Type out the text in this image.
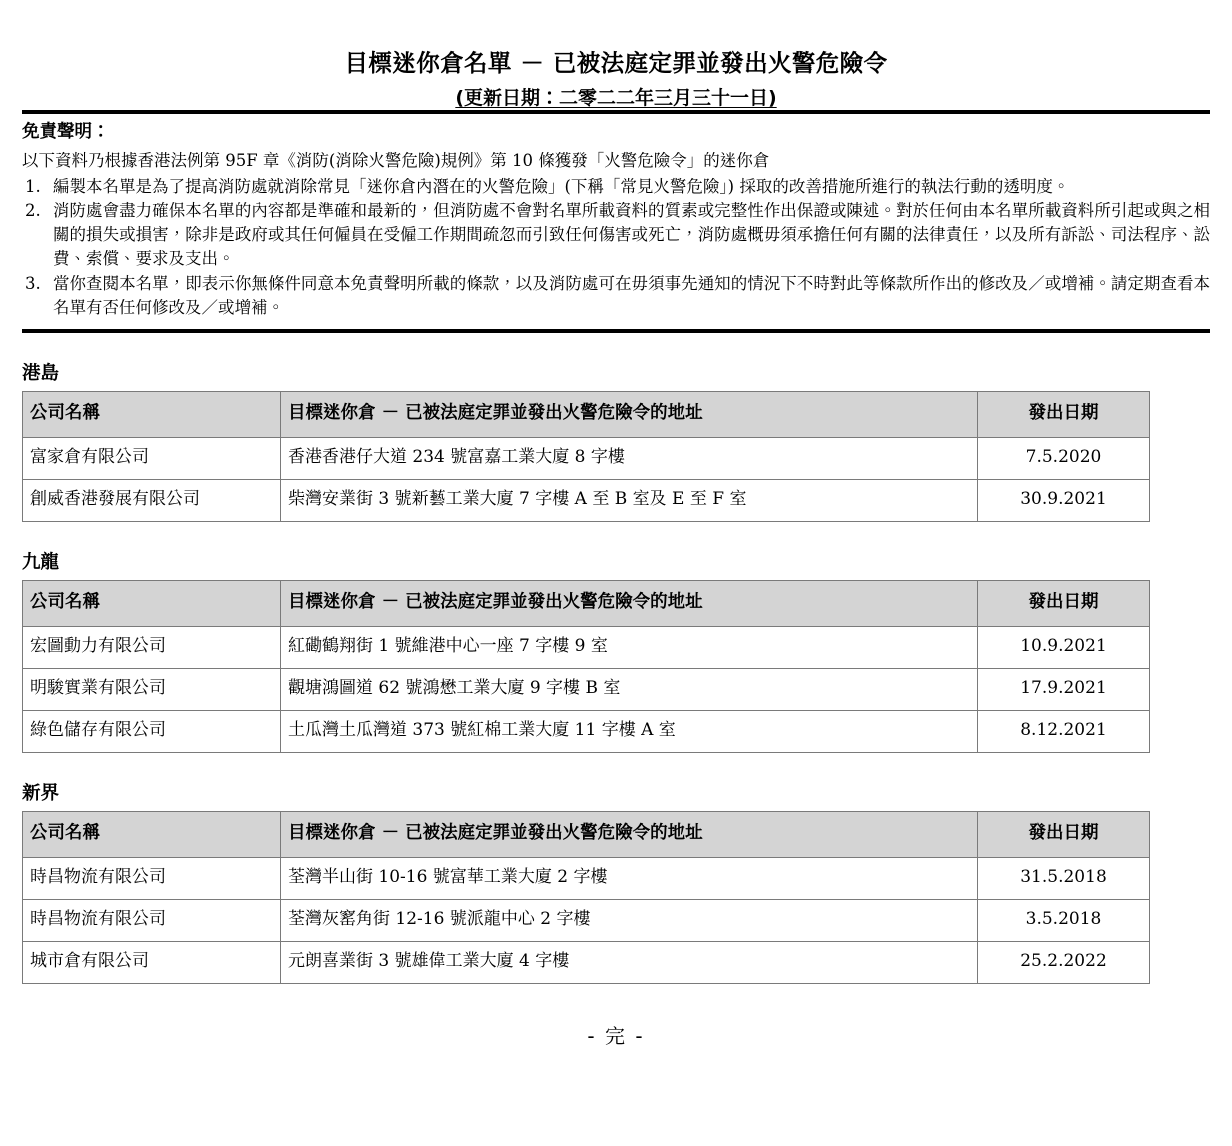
目標迷你倉名單 － 已被法庭定罪並發出火警危險令
(更新日期：二零二二年三月三十一日)
免責聲明：

以下資料乃根據香港法例第 95F 章《消防(消除火警危險)規例》第 10 條獲發「火警危險令」的迷你倉

編製本名單是為了提高消防處就消除常見「迷你倉內潛在的火警危險」(下稱「常見火警危險」) 採取的改善措施所進行的執法行動的透明度。
消防處會盡力確保本名單的內容都是準確和最新的，但消防處不會對名單所載資料的質素或完整性作出保證或陳述。對於任何由本名單所載資料所引起或與之相關的損失或損害，除非是政府或其任何僱員在受僱工作期間疏忽而引致任何傷害或死亡，消防處概毋須承擔任何有關的法律責任，以及所有訴訟、司法程序、訟費、索償、要求及支出。
當你查閱本名單，即表示你無條件同意本免責聲明所載的條款，以及消防處可在毋須事先通知的情況下不時對此等條款所作出的修改及／或增補。請定期查看本名單有否任何修改及／或增補。
港島
公司名稱	目標迷你倉 － 已被法庭定罪並發出火警危險令的地址	發出日期
富家倉有限公司	香港香港仔大道 234 號富嘉工業大廈 8 字樓	7.5.2020
創威香港發展有限公司	柴灣安業街 3 號新藝工業大廈 7 字樓 A 至 B 室及 E 至 F 室	30.9.2021
九龍
公司名稱	目標迷你倉 － 已被法庭定罪並發出火警危險令的地址	發出日期
宏圖動力有限公司	紅磡鶴翔街 1 號維港中心一座 7 字樓 9 室	10.9.2021
明駿實業有限公司	觀塘鴻圖道 62 號鴻懋工業大廈 9 字樓 B 室	17.9.2021
綠色儲存有限公司	土瓜灣土瓜灣道 373 號紅棉工業大廈 11 字樓 A 室	8.12.2021
新界
公司名稱	目標迷你倉 － 已被法庭定罪並發出火警危險令的地址	發出日期
時昌物流有限公司	荃灣半山街 10-16 號富華工業大廈 2 字樓	31.5.2018
時昌物流有限公司	荃灣灰窰角街 12-16 號派龍中心 2 字樓	3.5.2018
城市倉有限公司	元朗喜業街 3 號雄偉工業大廈 4 字樓	25.2.2022
- 完 -
